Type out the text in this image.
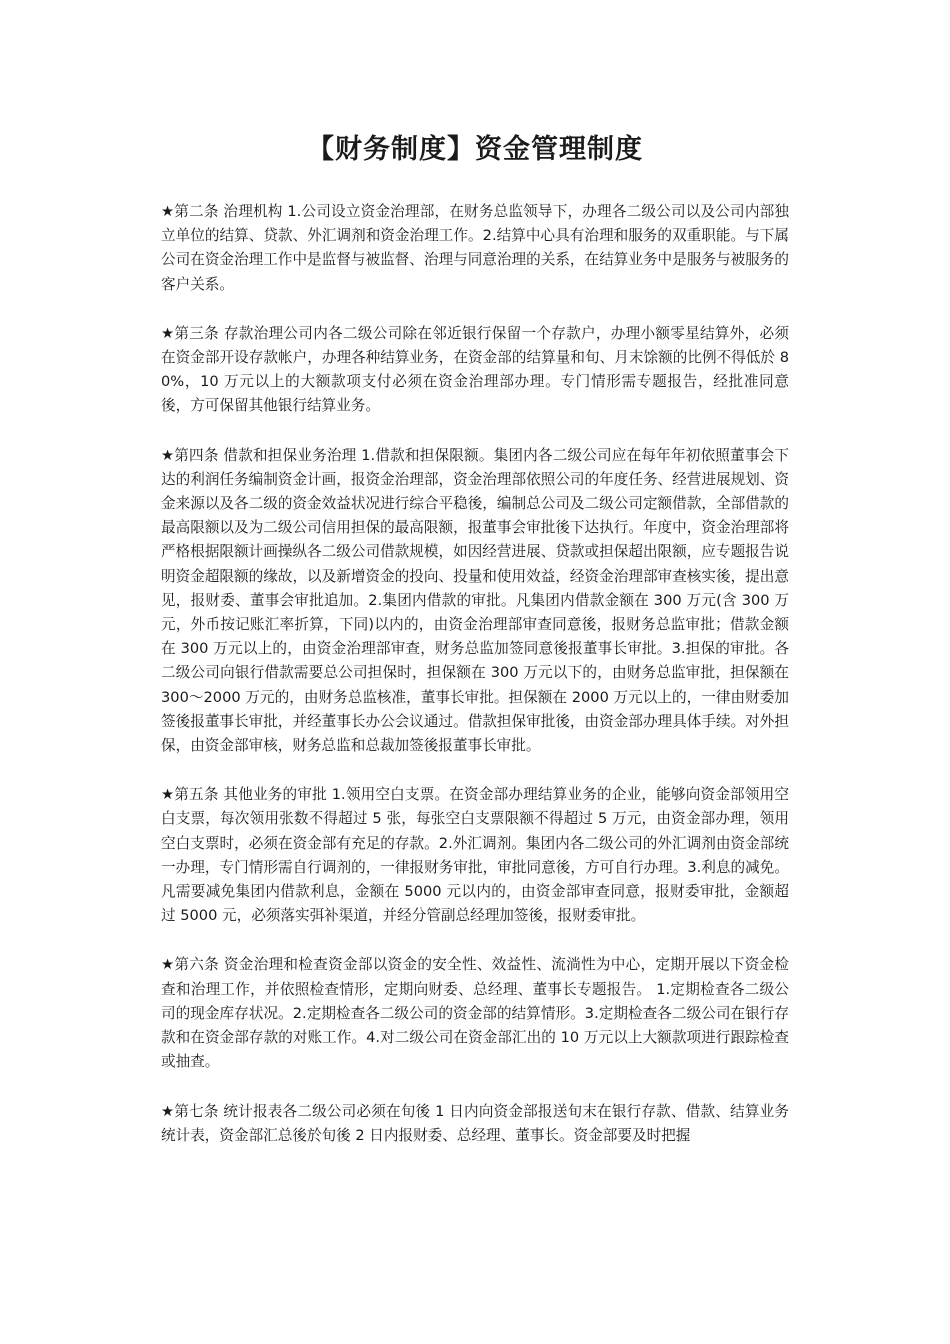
【财务制度】资金管理制度

★第二条 治理机构 1.公司设立资金治理部，在财务总监领导下，办理各二级公司以及公司内部独立单位的结算、贷款、外汇调剂和资金治理工作。2.结算中心具有治理和服务的双重职能。与下属公司在资金治理工作中是监督与被监督、治理与同意治理的关系，在结算业务中是服务与被服务的客户关系。

★第三条 存款治理公司内各二级公司除在邻近银行保留一个存款户，办理小额零星结算外，必须在资金部开设存款帐户，办理各种结算业务，在资金部的结算量和旬、月末馀额的比例不得低於 80%，10 万元以上的大额款项支付必须在资金治理部办理。专门情形需专题报告，经批准同意後，方可保留其他银行结算业务。

★第四条 借款和担保业务治理 1.借款和担保限额。集团内各二级公司应在每年年初依照董事会下达的利润任务编制资金计画，报资金治理部，资金治理部依照公司的年度任务、经营进展规划、资金来源以及各二级的资金效益状况进行综合平稳後，编制总公司及二级公司定额借款，全部借款的最高限额以及为二级公司信用担保的最高限额，报董事会审批後下达执行。年度中，资金治理部将严格根据限额计画操纵各二级公司借款规模，如因经营进展、贷款或担保超出限额，应专题报告说明资金超限额的缘故，以及新增资金的投向、投量和使用效益，经资金治理部审查核实後，提出意见，报财委、董事会审批追加。2.集团内借款的审批。凡集团内借款金额在 300 万元(含 300 万元，外币按记账汇率折算，下同)以内的，由资金治理部审查同意後，报财务总监审批；借款金额在 300 万元以上的，由资金治理部审查，财务总监加签同意後报董事长审批。3.担保的审批。各二级公司向银行借款需要总公司担保时，担保额在 300 万元以下的，由财务总监审批，担保额在 300～2000 万元的，由财务总监核准，董事长审批。担保额在 2000 万元以上的，一律由财委加签後报董事长审批，并经董事长办公会议通过。借款担保审批後，由资金部办理具体手续。对外担保，由资金部审核，财务总监和总裁加签後报董事长审批。

★第五条 其他业务的审批 1.领用空白支票。在资金部办理结算业务的企业，能够向资金部领用空白支票，每次领用张数不得超过 5 张，每张空白支票限额不得超过 5 万元，由资金部办理，领用空白支票时，必须在资金部有充足的存款。2.外汇调剂。集团内各二级公司的外汇调剂由资金部统一办理，专门情形需自行调剂的，一律报财务审批，审批同意後，方可自行办理。3.利息的减免。凡需要减免集团内借款利息，金额在 5000 元以内的，由资金部审查同意，报财委审批，金额超过 5000 元，必须落实弭补渠道，并经分管副总经理加签後，报财委审批。

★第六条 资金治理和检查资金部以资金的安全性、效益性、流淌性为中心，定期开展以下资金检查和治理工作，并依照检查情形，定期向财委、总经理、董事长专题报告。 1.定期检查各二级公司的现金库存状况。2.定期检查各二级公司的资金部的结算情形。3.定期检查各二级公司在银行存款和在资金部存款的对账工作。4.对二级公司在资金部汇出的 10 万元以上大额款项进行跟踪检查或抽查。

★第七条 统计报表各二级公司必须在旬後 1 日内向资金部报送旬末在银行存款、借款、结算业务统计表，资金部汇总後於旬後 2 日内报财委、总经理、董事长。资金部要及时把握
